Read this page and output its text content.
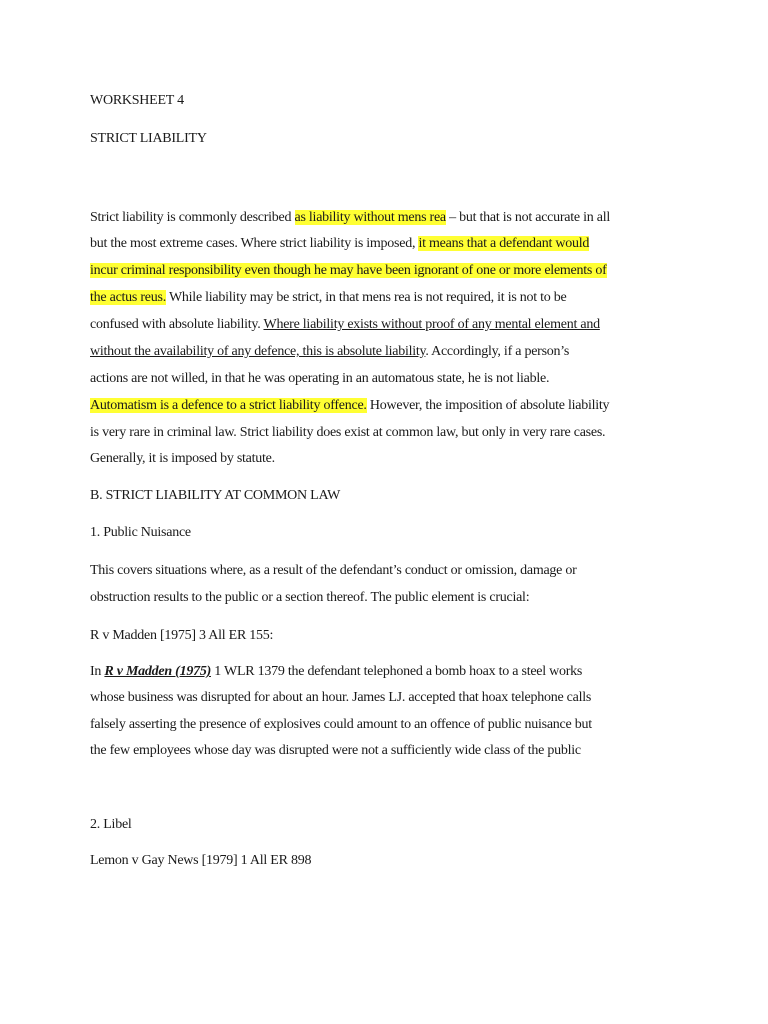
WORKSHEET 4
STRICT LIABILITY
Strict liability is commonly described as liability without mens rea – but that is not accurate in all
but the most extreme cases. Where strict liability is imposed, it means that a defendant would
incur criminal responsibility even though he may have been ignorant of one or more elements of
the actus reus. While liability may be strict, in that mens rea is not required, it is not to be
confused with absolute liability. Where liability exists without proof of any mental element and
without the availability of any defence, this is absolute liability. Accordingly, if a person’s
actions are not willed, in that he was operating in an automatous state, he is not liable.
Automatism is a defence to a strict liability offence. However, the imposition of absolute liability
is very rare in criminal law. Strict liability does exist at common law, but only in very rare cases.
Generally, it is imposed by statute.
B. STRICT LIABILITY AT COMMON LAW
1. Public Nuisance
This covers situations where, as a result of the defendant’s conduct or omission, damage or
obstruction results to the public or a section thereof. The public element is crucial:
R v Madden [1975] 3 All ER 155:
In R v Madden (1975) 1 WLR 1379 the defendant telephoned a bomb hoax to a steel works
whose business was disrupted for about an hour. James LJ. accepted that hoax telephone calls
falsely asserting the presence of explosives could amount to an offence of public nuisance but
the few employees whose day was disrupted were not a sufficiently wide class of the public
2. Libel
Lemon v Gay News [1979] 1 All ER 898
